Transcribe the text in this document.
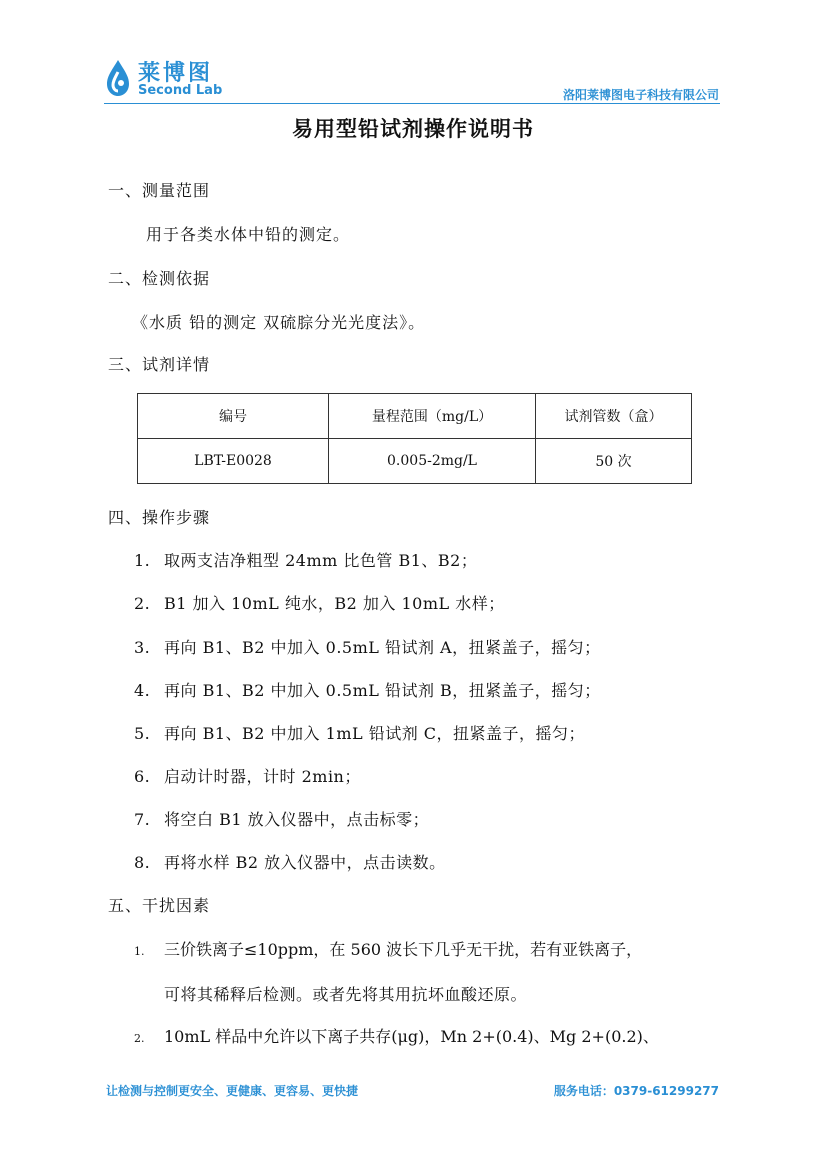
莱博图
Second Lab	洛阳莱博图电子科技有限公司
易用型铅试剂操作说明书
一、测量范围
用于各类水体中铅的测定。
二、检测依据
《水质 铅的测定 双硫腙分光光度法》。
三、试剂详情
编号	量程范围（mg/L）	试剂管数（盒）
LBT-E0028	0.005-2mg/L	50 次
四、操作步骤
1. 取两支洁净粗型 24mm 比色管 B1、B2；
2. B1 加入 10mL 纯水，B2 加入 10mL 水样；
3. 再向 B1、B2 中加入 0.5mL 铅试剂 A，扭紧盖子，摇匀；
4. 再向 B1、B2 中加入 0.5mL 铅试剂 B，扭紧盖子，摇匀；
5. 再向 B1、B2 中加入 1mL 铅试剂 C，扭紧盖子，摇匀；
6. 启动计时器，计时 2min；
7. 将空白 B1 放入仪器中，点击标零；
8. 再将水样 B2 放入仪器中，点击读数。
五、干扰因素
1. 三价铁离子≤10ppm，在 560 波长下几乎无干扰，若有亚铁离子，
可将其稀释后检测。或者先将其用抗坏血酸还原。
2. 10mL 样品中允许以下离子共存(μg)，Mn 2+(0.4)、Mg 2+(0.2)、
让检测与控制更安全、更健康、更容易、更快捷	服务电话：0379-61299277
